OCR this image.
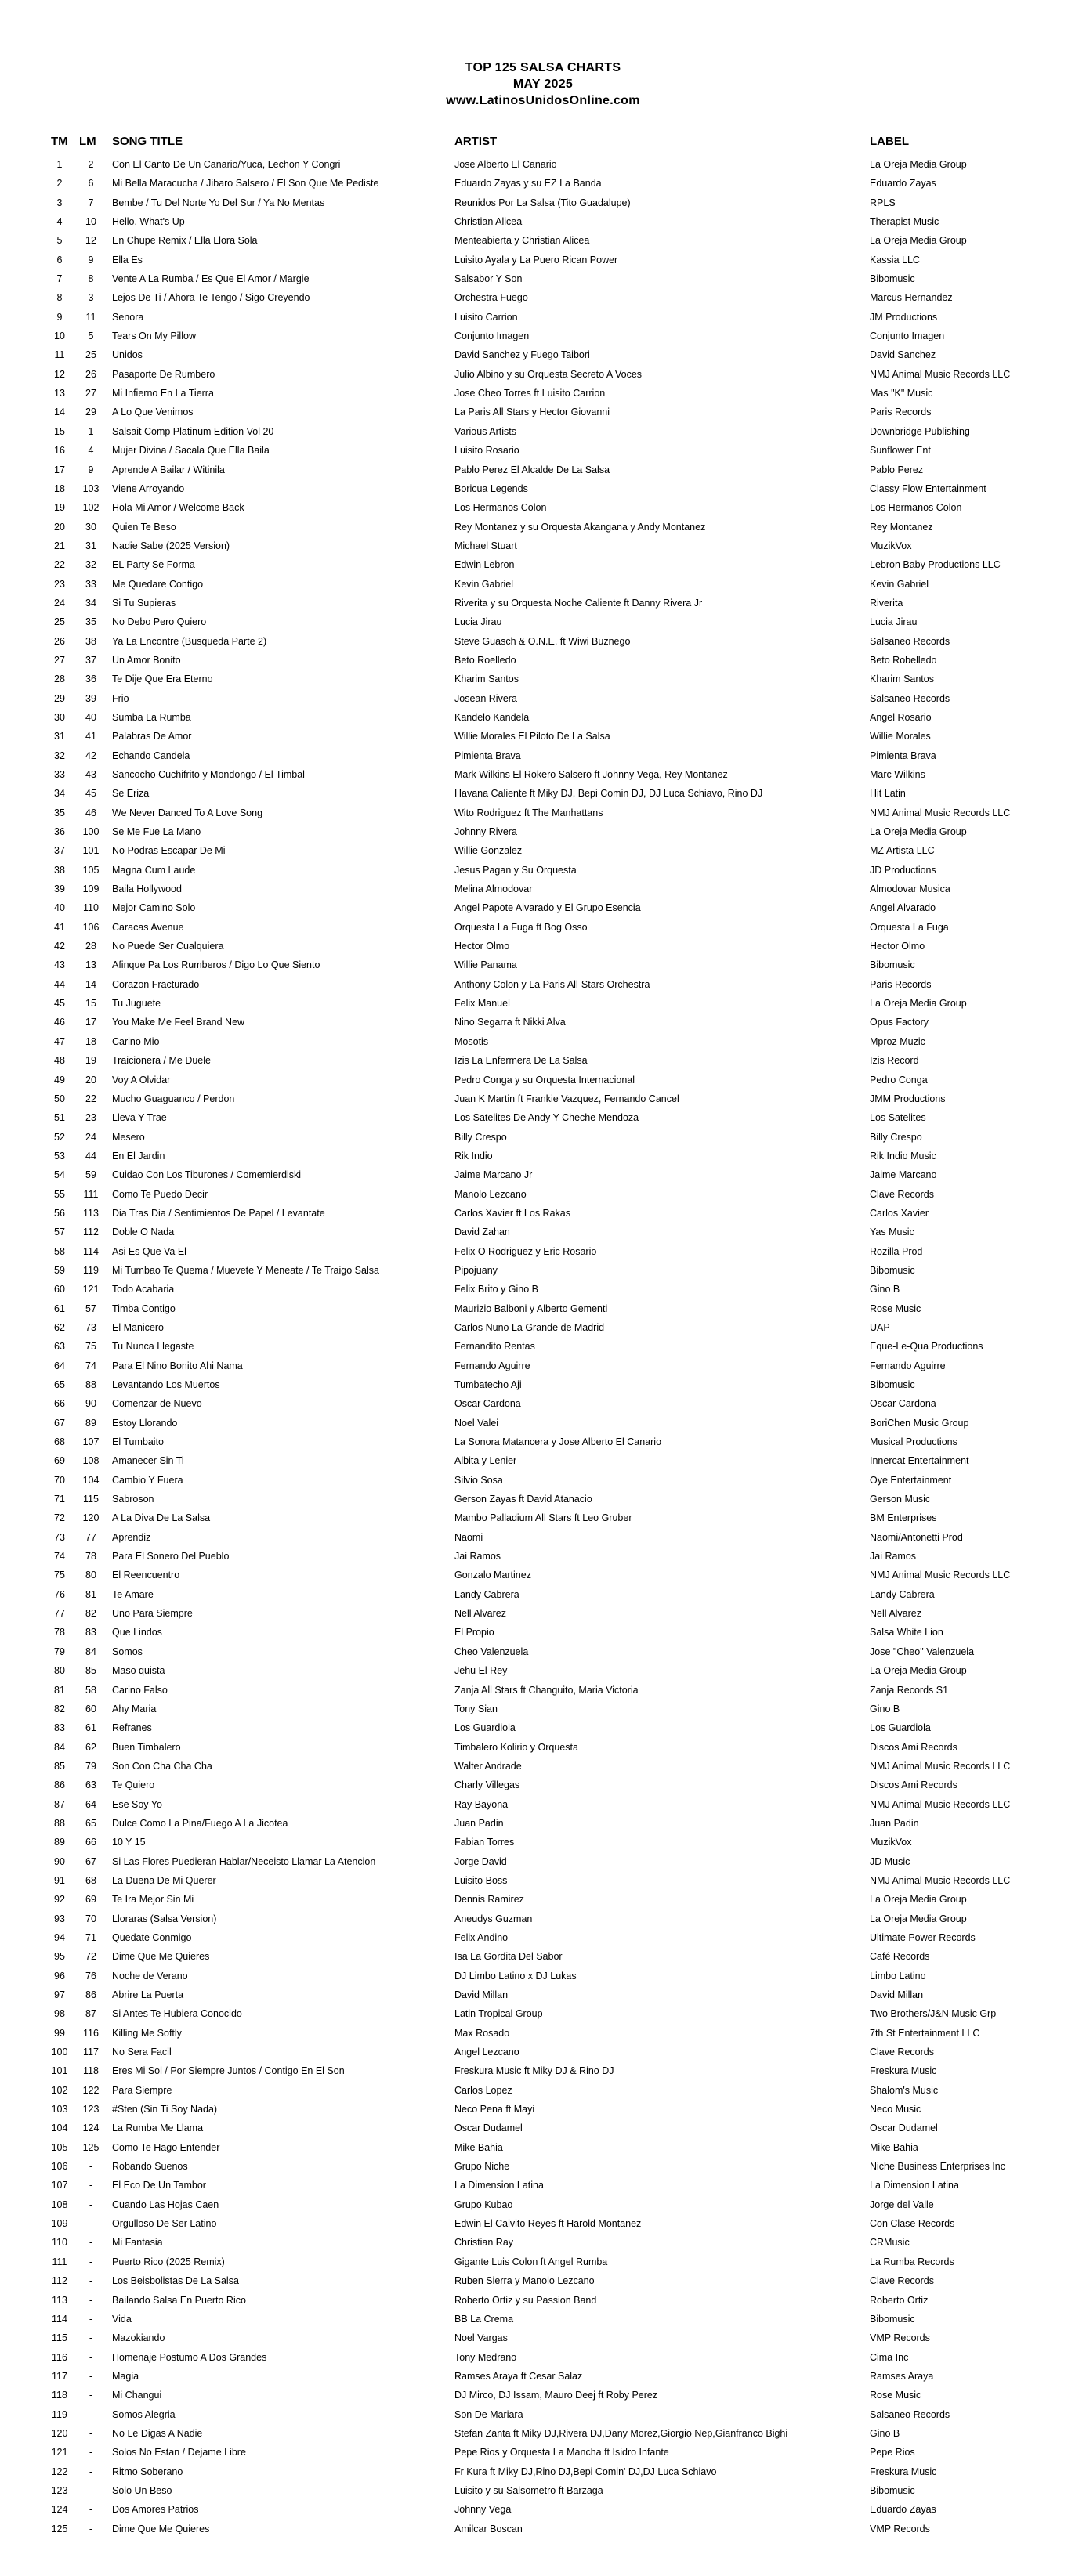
TOP 125 SALSA CHARTS
MAY 2025
www.LatinosUnidosOnline.com
TM LM SONG TITLE	ARTIST	LABEL
1	2	Con El Canto De Un Canario/Yuca, Lechon Y Congri	Jose Alberto El Canario	La Oreja Media Group
2	6	Mi Bella Maracucha / Jibaro Salsero / El Son Que Me Pediste	Eduardo Zayas y su EZ La Banda	Eduardo Zayas
3	7	Bembe / Tu Del Norte Yo Del Sur / Ya No Mentas	Reunidos Por La Salsa (Tito Guadalupe)	RPLS
4	10	Hello, What's Up	Christian Alicea	Therapist Music
5	12	En Chupe Remix / Ella Llora Sola	Menteabierta y Christian Alicea	La Oreja Media Group
6	9	Ella Es	Luisito Ayala y La Puero Rican Power	Kassia LLC
7	8	Vente A La Rumba / Es Que El Amor / Margie	Salsabor Y Son	Bibomusic
8	3	Lejos De Ti / Ahora Te Tengo / Sigo Creyendo	Orchestra Fuego	Marcus Hernandez
9	11	Senora	Luisito Carrion	JM Productions
10	5	Tears On My Pillow	Conjunto Imagen	Conjunto Imagen
11	25	Unidos	David Sanchez y Fuego Taibori	David Sanchez
12	26	Pasaporte De Rumbero	Julio Albino y su Orquesta Secreto A Voces	NMJ Animal Music Records LLC
13	27	Mi Infierno En La Tierra	Jose Cheo Torres ft Luisito Carrion	Mas "K" Music
14	29	A Lo Que Venimos	La Paris All Stars y Hector Giovanni	Paris Records
15	1	Salsait Comp Platinum Edition Vol 20	Various Artists	Downbridge Publishing
16	4	Mujer Divina / Sacala Que Ella Baila	Luisito Rosario	Sunflower Ent
17	9	Aprende A Bailar / Witinila	Pablo Perez El Alcalde De La Salsa	Pablo Perez
18	103	Viene Arroyando	Boricua Legends	Classy Flow Entertainment
19	102	Hola Mi Amor / Welcome Back	Los Hermanos Colon	Los Hermanos Colon
20	30	Quien Te Beso	Rey Montanez y su Orquesta Akangana y Andy Montanez	Rey Montanez
21	31	Nadie Sabe (2025 Version)	Michael Stuart	MuzikVox
22	32	EL Party Se Forma	Edwin Lebron	Lebron Baby Productions LLC
23	33	Me Quedare Contigo	Kevin Gabriel	Kevin Gabriel
24	34	Si Tu Supieras	Riverita y su Orquesta Noche Caliente ft Danny Rivera Jr	Riverita
25	35	No Debo Pero Quiero	Lucia Jirau	Lucia Jirau
26	38	Ya La Encontre (Busqueda Parte 2)	Steve Guasch & O.N.E. ft Wiwi Buznego	Salsaneo Records
27	37	Un Amor Bonito	Beto Roelledo	Beto Robelledo
28	36	Te Dije Que Era Eterno	Kharim Santos	Kharim Santos
29	39	Frio	Josean Rivera	Salsaneo Records
30	40	Sumba La Rumba	Kandelo Kandela	Angel Rosario
31	41	Palabras De Amor	Willie Morales El Piloto De La Salsa	Willie Morales
32	42	Echando Candela	Pimienta Brava	Pimienta Brava
33	43	Sancocho Cuchifrito y Mondongo / El Timbal	Mark Wilkins El Rokero Salsero ft Johnny Vega, Rey Montanez	Marc Wilkins
34	45	Se Eriza	Havana Caliente ft Miky DJ, Bepi Comin DJ, DJ Luca Schiavo, Rino DJ	Hit Latin
35	46	We Never Danced To A Love Song	Wito Rodriguez ft The Manhattans	NMJ Animal Music Records LLC
36	100	Se Me Fue La Mano	Johnny Rivera	La Oreja Media Group
37	101	No Podras Escapar De Mi	Willie Gonzalez	MZ Artista LLC
38	105	Magna Cum Laude	Jesus Pagan y Su Orquesta	JD Productions
39	109	Baila Hollywood	Melina Almodovar	Almodovar Musica
40	110	Mejor Camino Solo	Angel Papote Alvarado y El Grupo Esencia	Angel Alvarado
41	106	Caracas Avenue	Orquesta La Fuga ft Bog Osso	Orquesta La Fuga
42	28	No Puede Ser Cualquiera	Hector Olmo	Hector Olmo
43	13	Afinque Pa Los Rumberos / Digo Lo Que Siento	Willie Panama	Bibomusic
44	14	Corazon Fracturado	Anthony Colon y La Paris All-Stars Orchestra	Paris Records
45	15	Tu Juguete	Felix Manuel	La Oreja Media Group
46	17	You Make Me Feel Brand New	Nino Segarra ft Nikki Alva	Opus Factory
47	18	Carino Mio	Mosotis	Mproz Muzic
48	19	Traicionera / Me Duele	Izis La Enfermera De La Salsa	Izis Record
49	20	Voy A Olvidar	Pedro Conga y su Orquesta Internacional	Pedro Conga
50	22	Mucho Guaguanco / Perdon	Juan K Martin ft Frankie Vazquez, Fernando Cancel	JMM Productions
51	23	Lleva Y Trae	Los Satelites De Andy Y Cheche Mendoza	Los Satelites
52	24	Mesero	Billy Crespo	Billy Crespo
53	44	En El Jardin	Rik Indio	Rik Indio Music
54	59	Cuidao Con Los Tiburones / Comemierdiski	Jaime Marcano Jr	Jaime Marcano
55	111	Como Te Puedo Decir	Manolo Lezcano	Clave Records
56	113	Dia Tras Dia / Sentimientos De Papel / Levantate	Carlos Xavier ft Los Rakas	Carlos Xavier
57	112	Doble O Nada	David Zahan	Yas Music
58	114	Asi Es Que Va El	Felix O Rodriguez y Eric Rosario	Rozilla Prod
59	119	Mi Tumbao Te Quema / Muevete Y Meneate / Te Traigo Salsa	Pipojuany	Bibomusic
60	121	Todo Acabaria	Felix Brito y Gino B	Gino B
61	57	Timba Contigo	Maurizio Balboni y Alberto Gementi	Rose Music
62	73	El Manicero	Carlos Nuno La Grande de Madrid	UAP
63	75	Tu Nunca Llegaste	Fernandito Rentas	Eque-Le-Qua Productions
64	74	Para El Nino Bonito Ahi Nama	Fernando Aguirre	Fernando Aguirre
65	88	Levantando Los Muertos	Tumbatecho Aji	Bibomusic
66	90	Comenzar de Nuevo	Oscar Cardona	Oscar Cardona
67	89	Estoy Llorando	Noel Valei	BoriChen Music Group
68	107	El Tumbaito	La Sonora Matancera y Jose Alberto El Canario	Musical Productions
69	108	Amanecer Sin Ti	Albita y Lenier	Innercat Entertainment
70	104	Cambio Y Fuera	Silvio Sosa	Oye Entertainment
71	115	Sabroson	Gerson Zayas ft David Atanacio	Gerson Music
72	120	A La Diva De La Salsa	Mambo Palladium All Stars ft Leo Gruber	BM Enterprises
73	77	Aprendiz	Naomi	Naomi/Antonetti Prod
74	78	Para El Sonero Del Pueblo	Jai Ramos	Jai Ramos
75	80	El Reencuentro	Gonzalo Martinez	NMJ Animal Music Records LLC
76	81	Te Amare	Landy Cabrera	Landy Cabrera
77	82	Uno Para Siempre	Nell Alvarez	Nell Alvarez
78	83	Que Lindos	El Propio	Salsa White Lion
79	84	Somos	Cheo Valenzuela	Jose "Cheo" Valenzuela
80	85	Maso quista	Jehu El Rey	La Oreja Media Group
81	58	Carino Falso	Zanja All Stars ft Changuito, Maria Victoria	Zanja Records S1
82	60	Ahy Maria	Tony Sian	Gino B
83	61	Refranes	Los Guardiola	Los Guardiola
84	62	Buen Timbalero	Timbalero Kolirio y Orquesta	Discos Ami Records
85	79	Son Con Cha Cha Cha	Walter Andrade	NMJ Animal Music Records LLC
86	63	Te Quiero	Charly Villegas	Discos Ami Records
87	64	Ese Soy Yo	Ray Bayona	NMJ Animal Music Records LLC
88	65	Dulce Como La Pina/Fuego A La Jicotea	Juan Padin	Juan Padin
89	66	10 Y 15	Fabian Torres	MuzikVox
90	67	Si Las Flores Puedieran Hablar/Neceisto Llamar La Atencion	Jorge David	JD Music
91	68	La Duena De Mi Querer	Luisito Boss	NMJ Animal Music Records LLC
92	69	Te Ira Mejor Sin Mi	Dennis Ramirez	La Oreja Media Group
93	70	Lloraras (Salsa Version)	Aneudys Guzman	La Oreja Media Group
94	71	Quedate Conmigo	Felix Andino	Ultimate Power Records
95	72	Dime Que Me Quieres	Isa La Gordita Del Sabor	Café Records
96	76	Noche de Verano	DJ Limbo Latino x DJ Lukas	Limbo Latino
97	86	Abrire La Puerta	David Millan	David Millan
98	87	Si Antes Te Hubiera Conocido	Latin Tropical Group	Two Brothers/J&N Music Grp
99	116	Killing Me Softly	Max Rosado	7th St Entertainment LLC
100	117	No Sera Facil	Angel Lezcano	Clave Records
101	118	Eres Mi Sol / Por Siempre Juntos / Contigo En El Son	Freskura Music ft Miky DJ & Rino DJ	Freskura Music
102	122	Para Siempre	Carlos Lopez	Shalom's Music
103	123	#Sten (Sin Ti Soy Nada)	Neco Pena ft Mayi	Neco Music
104	124	La Rumba Me Llama	Oscar Dudamel	Oscar Dudamel
105	125	Como Te Hago Entender	Mike Bahia	Mike Bahia
106	-	Robando Suenos	Grupo Niche	Niche Business Enterprises Inc
107	-	El Eco De Un Tambor	La Dimension Latina	La Dimension Latina
108	-	Cuando Las Hojas Caen	Grupo Kubao	Jorge del Valle
109	-	Orgulloso De Ser Latino	Edwin El Calvito Reyes ft Harold Montanez	Con Clase Records
110	-	Mi Fantasia	Christian Ray	CRMusic
111	-	Puerto Rico (2025 Remix)	Gigante Luis Colon ft Angel Rumba	La Rumba Records
112	-	Los Beisbolistas De La Salsa	Ruben Sierra y Manolo Lezcano	Clave Records
113	-	Bailando Salsa En Puerto Rico	Roberto Ortiz y su Passion Band	Roberto Ortiz
114	-	Vida	BB La Crema	Bibomusic
115	-	Mazokiando	Noel Vargas	VMP Records
116	-	Homenaje Postumo A Dos Grandes	Tony Medrano	Cima Inc
117	-	Magia	Ramses Araya ft Cesar Salaz	Ramses Araya
118	-	Mi Changui	DJ Mirco, DJ Issam, Mauro Deej ft Roby Perez	Rose Music
119	-	Somos Alegria	Son De Mariara	Salsaneo Records
120	-	No Le Digas A Nadie	Stefan Zanta ft Miky DJ,Rivera DJ,Dany Morez,Giorgio Nep,Gianfranco Bighi	Gino B
121	-	Solos No Estan / Dejame Libre	Pepe Rios y Orquesta La Mancha ft Isidro Infante	Pepe Rios
122	-	Ritmo Soberano	Fr Kura ft Miky DJ,Rino DJ,Bepi Comin' DJ,DJ Luca Schiavo	Freskura Music
123	-	Solo Un Beso	Luisito y su Salsometro ft Barzaga	Bibomusic
124	-	Dos Amores Patrios	Johnny Vega	Eduardo Zayas
125	-	Dime Que Me Quieres	Amilcar Boscan	VMP Records
